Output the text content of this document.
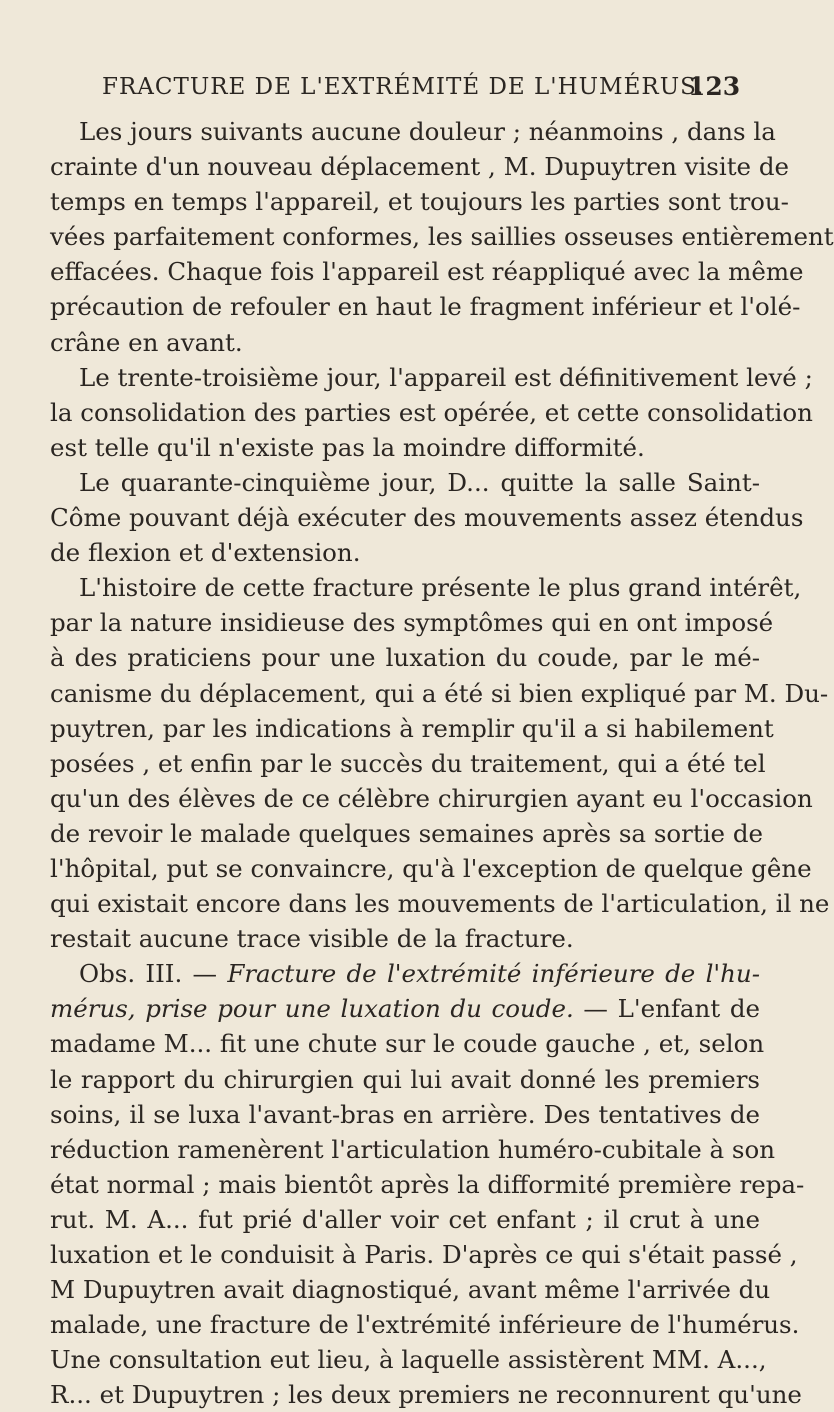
FRACTURE DE L'EXTRÉMITÉ DE L'HUMÉRUS.
123
Les jours suivants aucune douleur ; néanmoins , dans la
crainte d'un nouveau déplacement , M. Dupuytren visite de
temps en temps l'appareil, et toujours les parties sont trou-
vées parfaitement conformes, les saillies osseuses entièrement
effacées. Chaque fois l'appareil est réappliqué avec la même
précaution de refouler en haut le fragment inférieur et l'olé-
crâne en avant.
Le trente-troisième jour, l'appareil est définitivement levé ;
la consolidation des parties est opérée, et cette consolidation
est telle qu'il n'existe pas la moindre difformité.
Le quarante-cinquième jour, D... quitte la salle Saint-
Côme pouvant déjà exécuter des mouvements assez étendus
de flexion et d'extension.
L'histoire de cette fracture présente le plus grand intérêt,
par la nature insidieuse des symptômes qui en ont imposé
à des praticiens pour une luxation du coude, par le mé-
canisme du déplacement, qui a été si bien expliqué par M. Du-
puytren, par les indications à remplir qu'il a si habilement
posées , et enfin par le succès du traitement, qui a été tel
qu'un des élèves de ce célèbre chirurgien ayant eu l'occasion
de revoir le malade quelques semaines après sa sortie de
l'hôpital, put se convaincre, qu'à l'exception de quelque gêne
qui existait encore dans les mouvements de l'articulation, il ne
restait aucune trace visible de la fracture.
Obs. III. — Fracture de l'extrémité inférieure de l'hu-
mérus, prise pour une luxation du coude. — L'enfant de
madame M... fit une chute sur le coude gauche , et, selon
le rapport du chirurgien qui lui avait donné les premiers
soins, il se luxa l'avant-bras en arrière. Des tentatives de
réduction ramenèrent l'articulation huméro-cubitale à son
état normal ; mais bientôt après la difformité première repa-
rut. M. A... fut prié d'aller voir cet enfant ; il crut à une
luxation et le conduisit à Paris. D'après ce qui s'était passé ,
M Dupuytren avait diagnostiqué, avant même l'arrivée du
malade, une fracture de l'extrémité inférieure de l'humérus.
Une consultation eut lieu, à laquelle assistèrent MM. A...,
R... et Dupuytren ; les deux premiers ne reconnurent qu'une
